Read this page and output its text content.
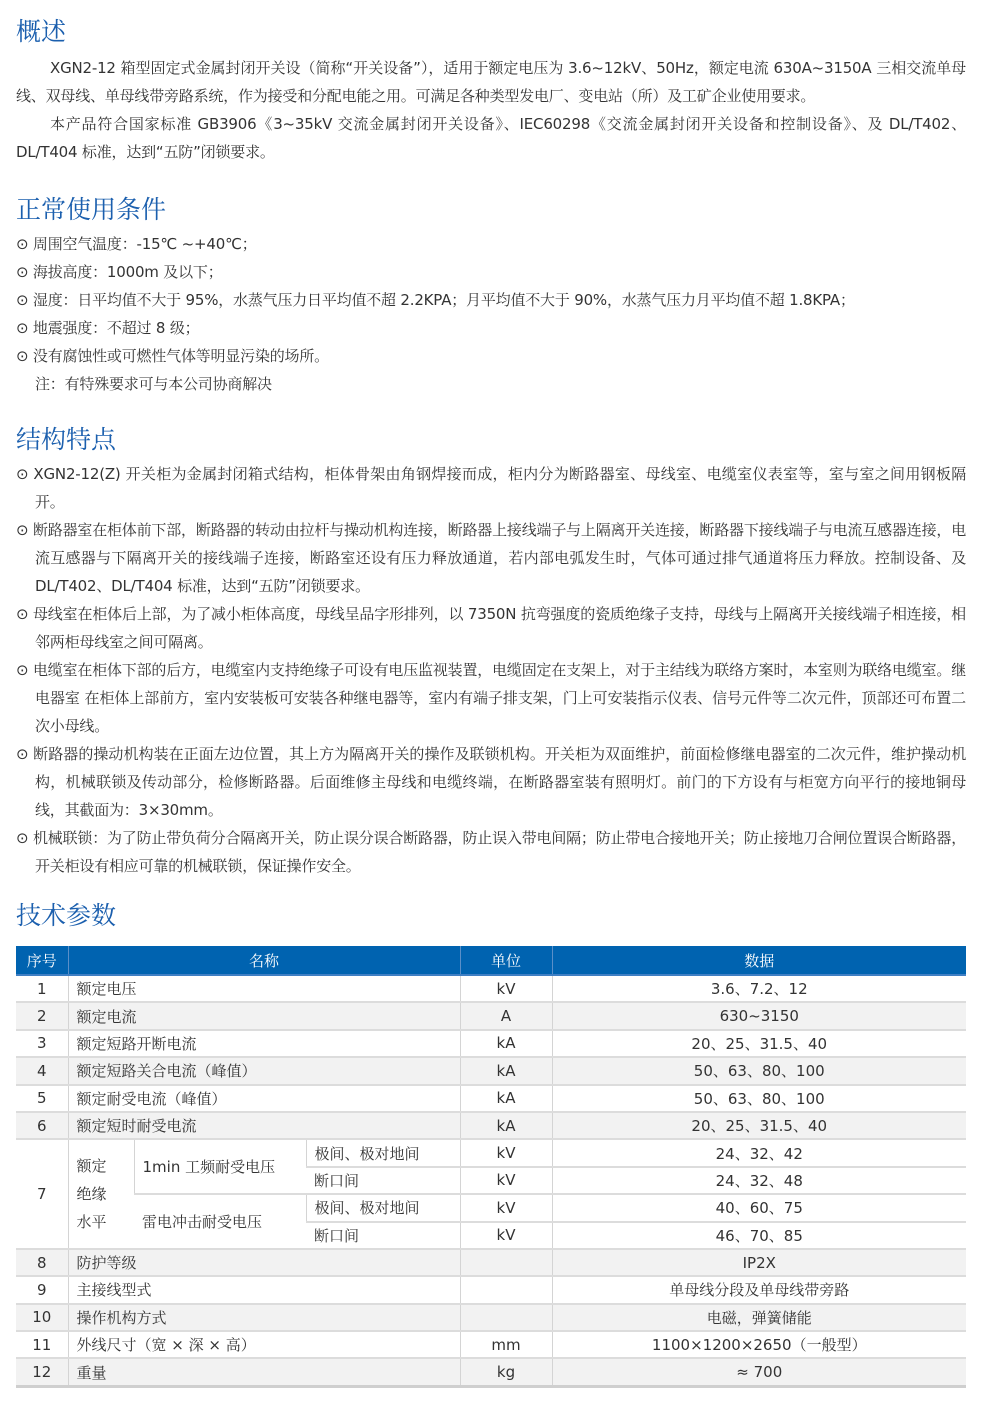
概述

XGN2-12 箱型固定式金属封闭开关设（简称“开关设备”），适用于额定电压为 3.6~12kV、50Hz，额定电流 630A~3150A 三相交流单母线、双母线、单母线带旁路系统，作为接受和分配电能之用。可满足各种类型发电厂、变电站（所）及工矿企业使用要求。

本产品符合国家标准 GB3906《3~35kV 交流金属封闭开关设备》、IEC60298《交流金属封闭开关设备和控制设备》、及 DL/T402、DL/T404 标准，达到“五防”闭锁要求。

正常使用条件

⊙ 周围空气温度：-15℃ ~+40℃；

⊙ 海拔高度：1000m 及以下；

⊙ 湿度：日平均值不大于 95%，水蒸气压力日平均值不超 2.2KPA；月平均值不大于 90%，水蒸气压力月平均值不超 1.8KPA；

⊙ 地震强度：不超过 8 级；

⊙ 没有腐蚀性或可燃性气体等明显污染的场所。

注：有特殊要求可与本公司协商解决

结构特点

⊙ XGN2-12(Z) 开关柜为金属封闭箱式结构，柜体骨架由角钢焊接而成，柜内分为断路器室、母线室、电缆室仪表室等，室与室之间用钢板隔开。

⊙ 断路器室在柜体前下部，断路器的转动由拉杆与操动机构连接，断路器上接线端子与上隔离开关连接，断路器下接线端子与电流互感器连接，电流互感器与下隔离开关的接线端子连接，断路室还设有压力释放通道，若内部电弧发生时，气体可通过排气通道将压力释放。控制设备、及 DL/T402、DL/T404 标准，达到“五防”闭锁要求。

⊙ 母线室在柜体后上部，为了减小柜体高度，母线呈品字形排列，以 7350N 抗弯强度的瓷质绝缘子支持，母线与上隔离开关接线端子相连接，相邻两柜母线室之间可隔离。

⊙ 电缆室在柜体下部的后方，电缆室内支持绝缘子可设有电压监视装置，电缆固定在支架上，对于主结线为联络方案时，本室则为联络电缆室。继电器室 在柜体上部前方，室内安装板可安装各种继电器等，室内有端子排支架，门上可安装指示仪表、信号元件等二次元件，顶部还可布置二次小母线。

⊙ 断路器的操动机构装在正面左边位置，其上方为隔离开关的操作及联锁机构。开关柜为双面维护，前面检修继电器室的二次元件，维护操动机构，机械联锁及传动部分，检修断路器。后面维修主母线和电缆终端，在断路器室装有照明灯。前门的下方设有与柜宽方向平行的接地铜母线，其截面为：3×30mm。

⊙ 机械联锁：为了防止带负荷分合隔离开关，防止误分误合断路器，防止误入带电间隔；防止带电合接地开关；防止接地刀合闸位置误合断路器，开关柜设有相应可靠的机械联锁，保证操作安全。

技术参数
序号	名称			单位	数据
1	额定电压			kV	3.6、7.2、12
2	额定电流			A	630~3150
3	额定短路开断电流			kA	20、25、31.5、40
4	额定短路关合电流（峰值）			kA	50、63、80、100
5	额定耐受电流（峰值）			kA	50、63、80、100
6	额定短时耐受电流			kA	20、25、31.5、40
7	额定
绝缘
水平	1min 工频耐受电压	极间、极对地间	kV	24、32、42
			断口间	kV	24、32、48
		雷电冲击耐受电压	极间、极对地间	kV	40、60、75
			断口间	kV	46、70、85
8	防护等级				IP2X
9	主接线型式				单母线分段及单母线带旁路
10	操作机构方式				电磁，弹簧储能
11	外线尺寸（宽 × 深 × 高）			mm	1100×1200×2650（一般型）
12	重量			kg	≈ 700
